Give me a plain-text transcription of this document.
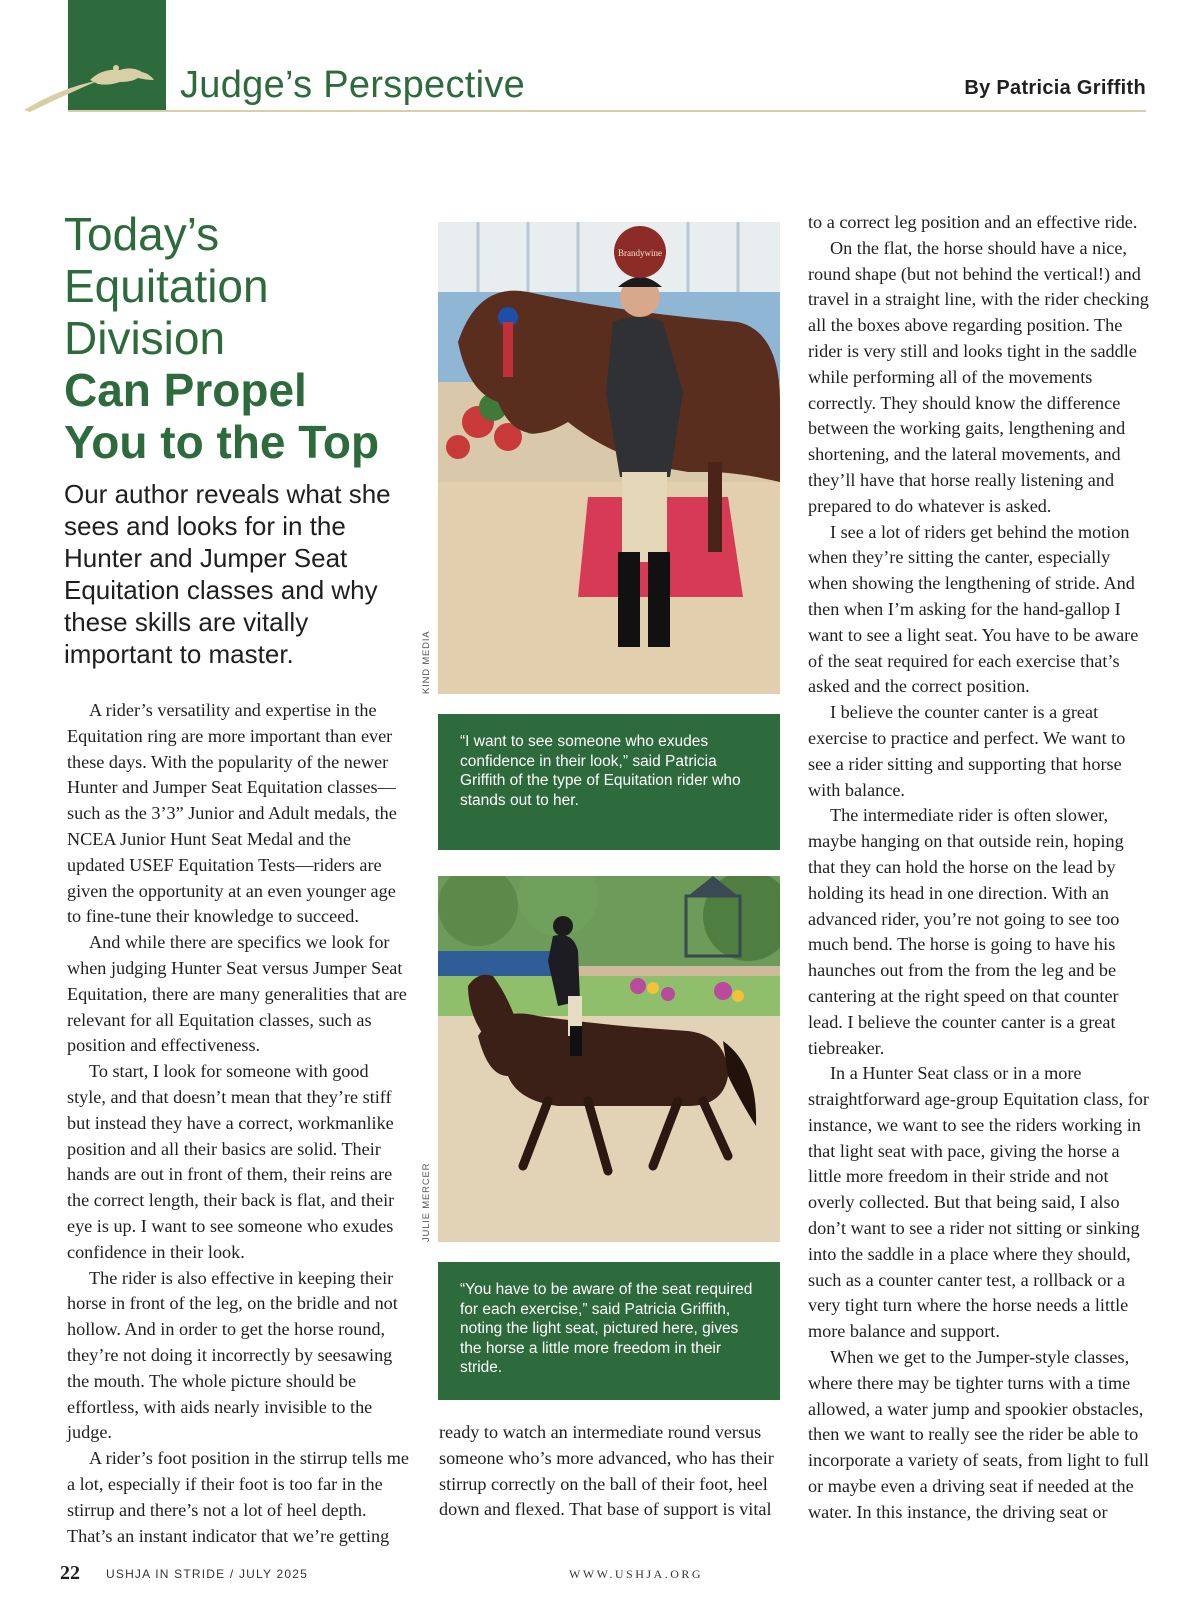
Judge’s Perspective	By Patricia Griffith
Today’s
Equitation
Division
Can Propel
You to the Top
Our author reveals what she sees and looks for in the Hunter and Jumper Seat Equitation classes and why these skills are vitally important to master.

A rider’s versatility and expertise in the Equitation ring are more important than ever these days. With the popularity of the newer Hunter and Jumper Seat Equitation classes—such as the 3’3” Junior and Adult medals, the NCEA Junior Hunt Seat Medal and the updated USEF Equitation Tests—riders are given the opportunity at an even younger age to fine-tune their knowledge to succeed.

And while there are specifics we look for when judging Hunter Seat versus Jumper Seat Equitation, there are many generalities that are relevant for all Equitation classes, such as position and effectiveness.

To start, I look for someone with good style, and that doesn’t mean that they’re stiff but instead they have a correct, workmanlike position and all their basics are solid. Their hands are out in front of them, their reins are the correct length, their back is flat, and their eye is up. I want to see someone who exudes confidence in their look.

The rider is also effective in keeping their horse in front of the leg, on the bridle and not hollow. And in order to get the horse round, they’re not doing it incorrectly by seesawing the mouth. The whole picture should be effortless, with aids nearly invisible to the judge.

A rider’s foot position in the stirrup tells me a lot, especially if their foot is too far in the stirrup and there’s not a lot of heel depth. That’s an instant indicator that we’re getting

Brandywine
KIND MEDIA
“I want to see someone who exudes confidence in their look,” said Patricia Griffith of the type of Equitation rider who stands out to her.
JULIE MERCER
“You have to be aware of the seat required for each exercise,” said Patricia Griffith, noting the light seat, pictured here, gives the horse a little more freedom in their stride.

ready to watch an intermediate round versus someone who’s more advanced, who has their stirrup correctly on the ball of their foot, heel down and flexed. That base of support is vital

to a correct leg position and an effective ride.

On the flat, the horse should have a nice, round shape (but not behind the vertical!) and travel in a straight line, with the rider checking all the boxes above regarding position. The rider is very still and looks tight in the saddle while performing all of the movements correctly. They should know the difference between the working gaits, lengthening and shortening, and the lateral movements, and they’ll have that horse really listening and prepared to do whatever is asked.

I see a lot of riders get behind the motion when they’re sitting the canter, especially when showing the lengthening of stride. And then when I’m asking for the hand-gallop I want to see a light seat. You have to be aware of the seat required for each exercise that’s asked and the correct position.

I believe the counter canter is a great exercise to practice and perfect. We want to see a rider sitting and supporting that horse with balance.

The intermediate rider is often slower, maybe hanging on that outside rein, hoping that they can hold the horse on the lead by holding its head in one direction. With an advanced rider, you’re not going to see too much bend. The horse is going to have his haunches out from the from the leg and be cantering at the right speed on that counter lead. I believe the counter canter is a great tiebreaker.

In a Hunter Seat class or in a more straightforward age-group Equitation class, for instance, we want to see the riders working in that light seat with pace, giving the horse a little more freedom in their stride and not overly collected. But that being said, I also don’t want to see a rider not sitting or sinking into the saddle in a place where they should, such as a counter canter test, a rollback or a very tight turn where the horse needs a little more balance and support.

When we get to the Jumper-style classes, where there may be tighter turns with a time allowed, a water jump and spookier obstacles, then we want to really see the rider be able to incorporate a variety of seats, from light to full or maybe even a driving seat if needed at the water. In this instance, the driving seat or

22 USHJA IN STRIDE / JULY 2025	WWW.USHJA.ORG
